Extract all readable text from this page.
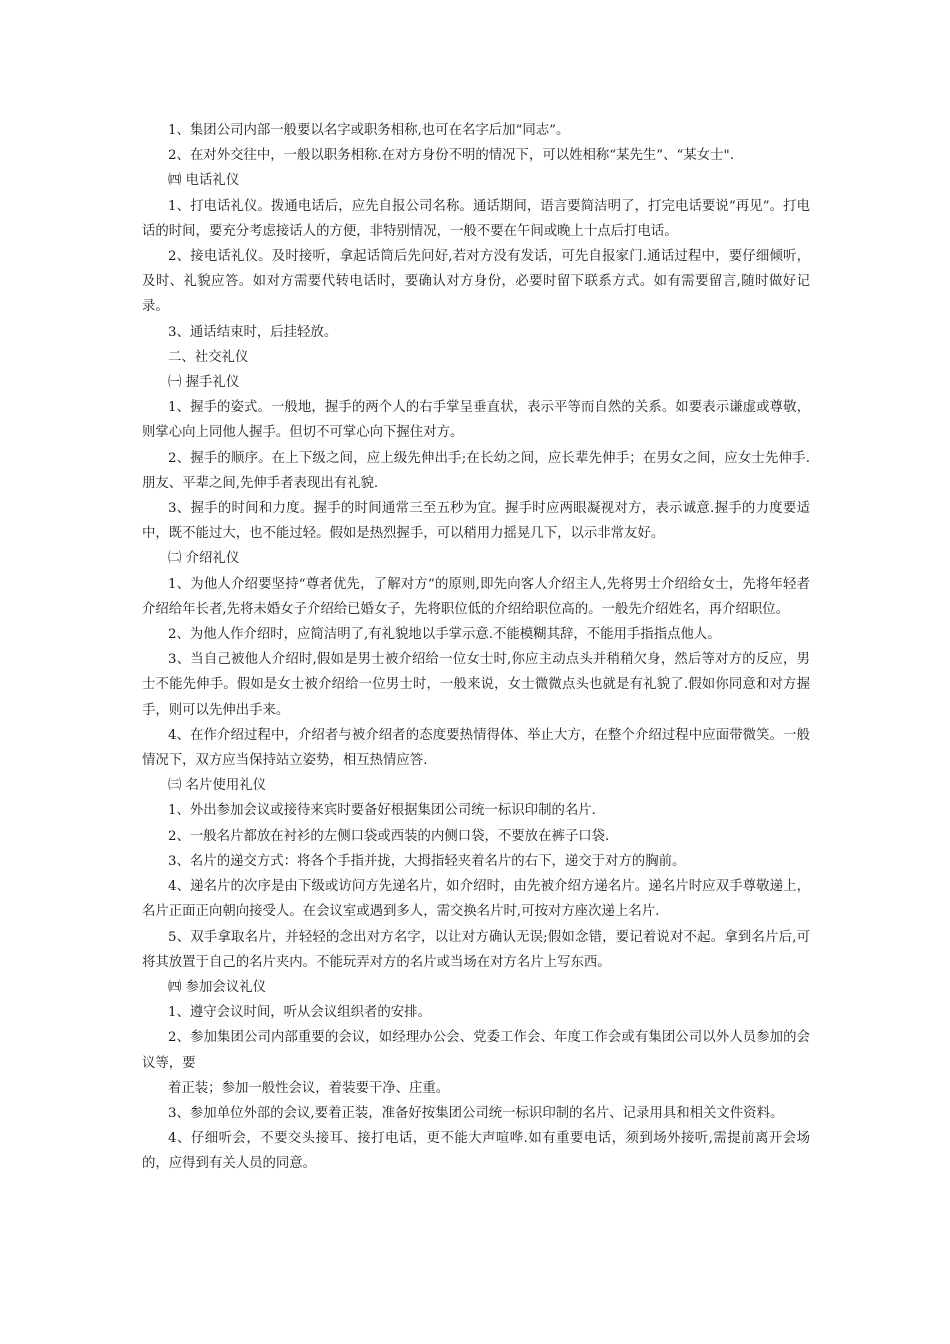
1、集团公司内部一般要以名字或职务相称,也可在名字后加“同志”。

2、在对外交往中，一般以职务相称.在对方身份不明的情况下，可以姓相称“某先生”、“某女士".

㈣ 电话礼仪

1、打电话礼仪。拨通电话后，应先自报公司名称。通话期间，语言要简洁明了，打完电话要说“再见”。打电话的时间，要充分考虑接话人的方便，非特别情况，一般不要在午间或晚上十点后打电话。

2、接电话礼仪。及时接听，拿起话筒后先问好,若对方没有发话，可先自报家门.通话过程中，要仔细倾听，及时、礼貌应答。如对方需要代转电话时，要确认对方身份，必要时留下联系方式。如有需要留言,随时做好记录。

3、通话结束时，后挂轻放。

二、社交礼仪

㈠ 握手礼仪

1、握手的姿式。一般地，握手的两个人的右手掌呈垂直状，表示平等而自然的关系。如要表示谦虚或尊敬，则掌心向上同他人握手。但切不可掌心向下握住对方。

2、握手的顺序。在上下级之间，应上级先伸出手;在长幼之间，应长辈先伸手；在男女之间，应女士先伸手.朋友、平辈之间,先伸手者表现出有礼貌.

3、握手的时间和力度。握手的时间通常三至五秒为宜。握手时应两眼凝视对方，表示诚意.握手的力度要适中，既不能过大，也不能过轻。假如是热烈握手，可以稍用力摇晃几下，以示非常友好。

㈡ 介绍礼仪

1、为他人介绍要坚持“尊者优先，了解对方”的原则,即先向客人介绍主人,先将男士介绍给女士，先将年轻者介绍给年长者,先将未婚女子介绍给已婚女子，先将职位低的介绍给职位高的。一般先介绍姓名，再介绍职位。

2、为他人作介绍时，应简洁明了,有礼貌地以手掌示意.不能模糊其辞，不能用手指指点他人。

3、当自己被他人介绍时,假如是男士被介绍给一位女士时,你应主动点头并稍稍欠身，然后等对方的反应，男士不能先伸手。假如是女士被介绍给一位男士时，一般来说，女士微微点头也就是有礼貌了.假如你同意和对方握手，则可以先伸出手来。

4、在作介绍过程中，介绍者与被介绍者的态度要热情得体、举止大方，在整个介绍过程中应面带微笑。一般情况下，双方应当保持站立姿势，相互热情应答.

㈢ 名片使用礼仪

1、外出参加会议或接待来宾时要备好根据集团公司统一标识印制的名片.

2、一般名片都放在衬衫的左侧口袋或西装的内侧口袋，不要放在裤子口袋.

3、名片的递交方式：将各个手指并拢，大拇指轻夹着名片的右下，递交于对方的胸前。

4、递名片的次序是由下级或访问方先递名片，如介绍时，由先被介绍方递名片。递名片时应双手尊敬递上，名片正面正向朝向接受人。在会议室或遇到多人，需交换名片时,可按对方座次递上名片.

5、双手拿取名片，并轻轻的念出对方名字，以让对方确认无误;假如念错，要记着说对不起。拿到名片后,可将其放置于自己的名片夹内。不能玩弄对方的名片或当场在对方名片上写东西。

㈣ 参加会议礼仪

1、遵守会议时间，听从会议组织者的安排。

2、参加集团公司内部重要的会议，如经理办公会、党委工作会、年度工作会或有集团公司以外人员参加的会议等，要

着正装；参加一般性会议，着装要干净、庄重。

3、参加单位外部的会议,要着正装，准备好按集团公司统一标识印制的名片、记录用具和相关文件资料。

4、仔细听会，不要交头接耳、接打电话，更不能大声喧哗.如有重要电话，须到场外接听,需提前离开会场的，应得到有关人员的同意。
